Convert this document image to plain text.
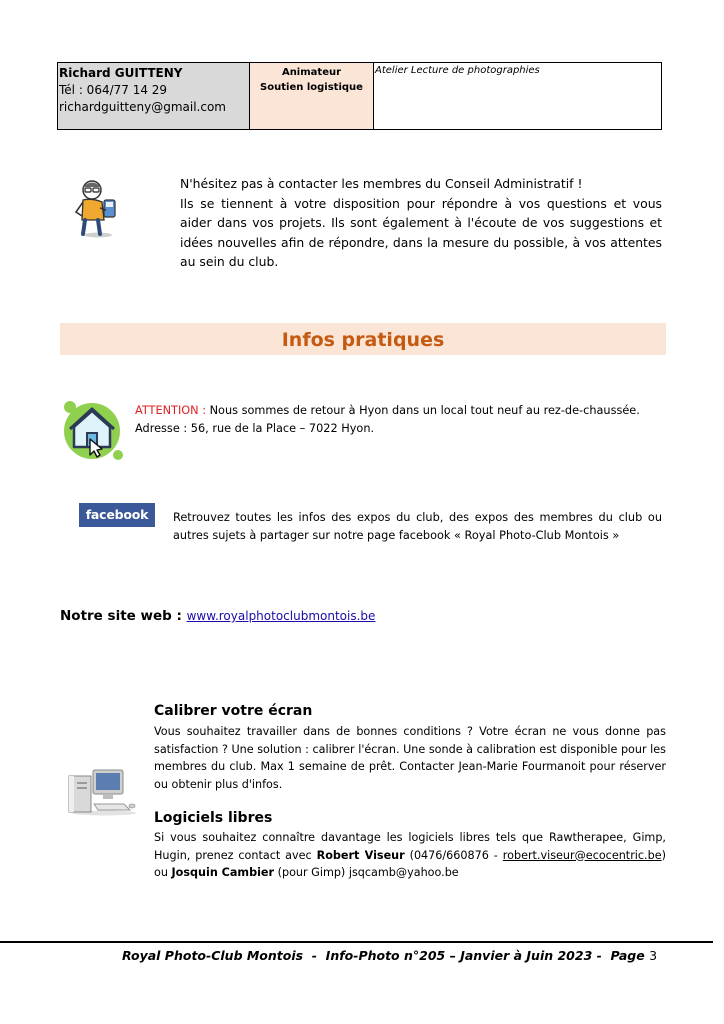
Richard GUITTENY
Tél : 064/77 14 29
richardguitteny@gmail.com
Animateur
Soutien logistique
Atelier Lecture de photographies
N'hésitez pas à contacter les membres du Conseil Administratif !
Ils se tiennent à votre disposition pour répondre à vos questions et vous aider dans vos projets. Ils sont également à l'écoute de vos suggestions et idées nouvelles afin de répondre, dans la mesure du possible, à vos attentes au sein du club.
Infos pratiques
ATTENTION : Nous sommes de retour à Hyon dans un local tout neuf au rez-de-chaussée.
Adresse : 56, rue de la Place – 7022 Hyon.
facebook	Retrouvez toutes les infos des expos du club, des expos des membres du club ou autres sujets à partager sur notre page facebook « Royal Photo-Club Montois »
Notre site web : www.royalphotoclubmontois.be
Calibrer votre écran
Vous souhaitez travailler dans de bonnes conditions ? Votre écran ne vous donne pas satisfaction ? Une solution : calibrer l'écran. Une sonde à calibration est disponible pour les membres du club. Max 1 semaine de prêt. Contacter Jean-Marie Fourmanoit pour réserver ou obtenir plus d'infos.
Logiciels libres
Si vous souhaitez connaître davantage les logiciels libres tels que Rawtherapee, Gimp, Hugin, prenez contact avec Robert Viseur (0476/660876 - robert.viseur@ecocentric.be) ou Josquin Cambier (pour Gimp) jsqcamb@yahoo.be
Royal Photo-Club Montois  -  Info-Photo n°205 – Janvier à Juin 2023 -  Page 3
